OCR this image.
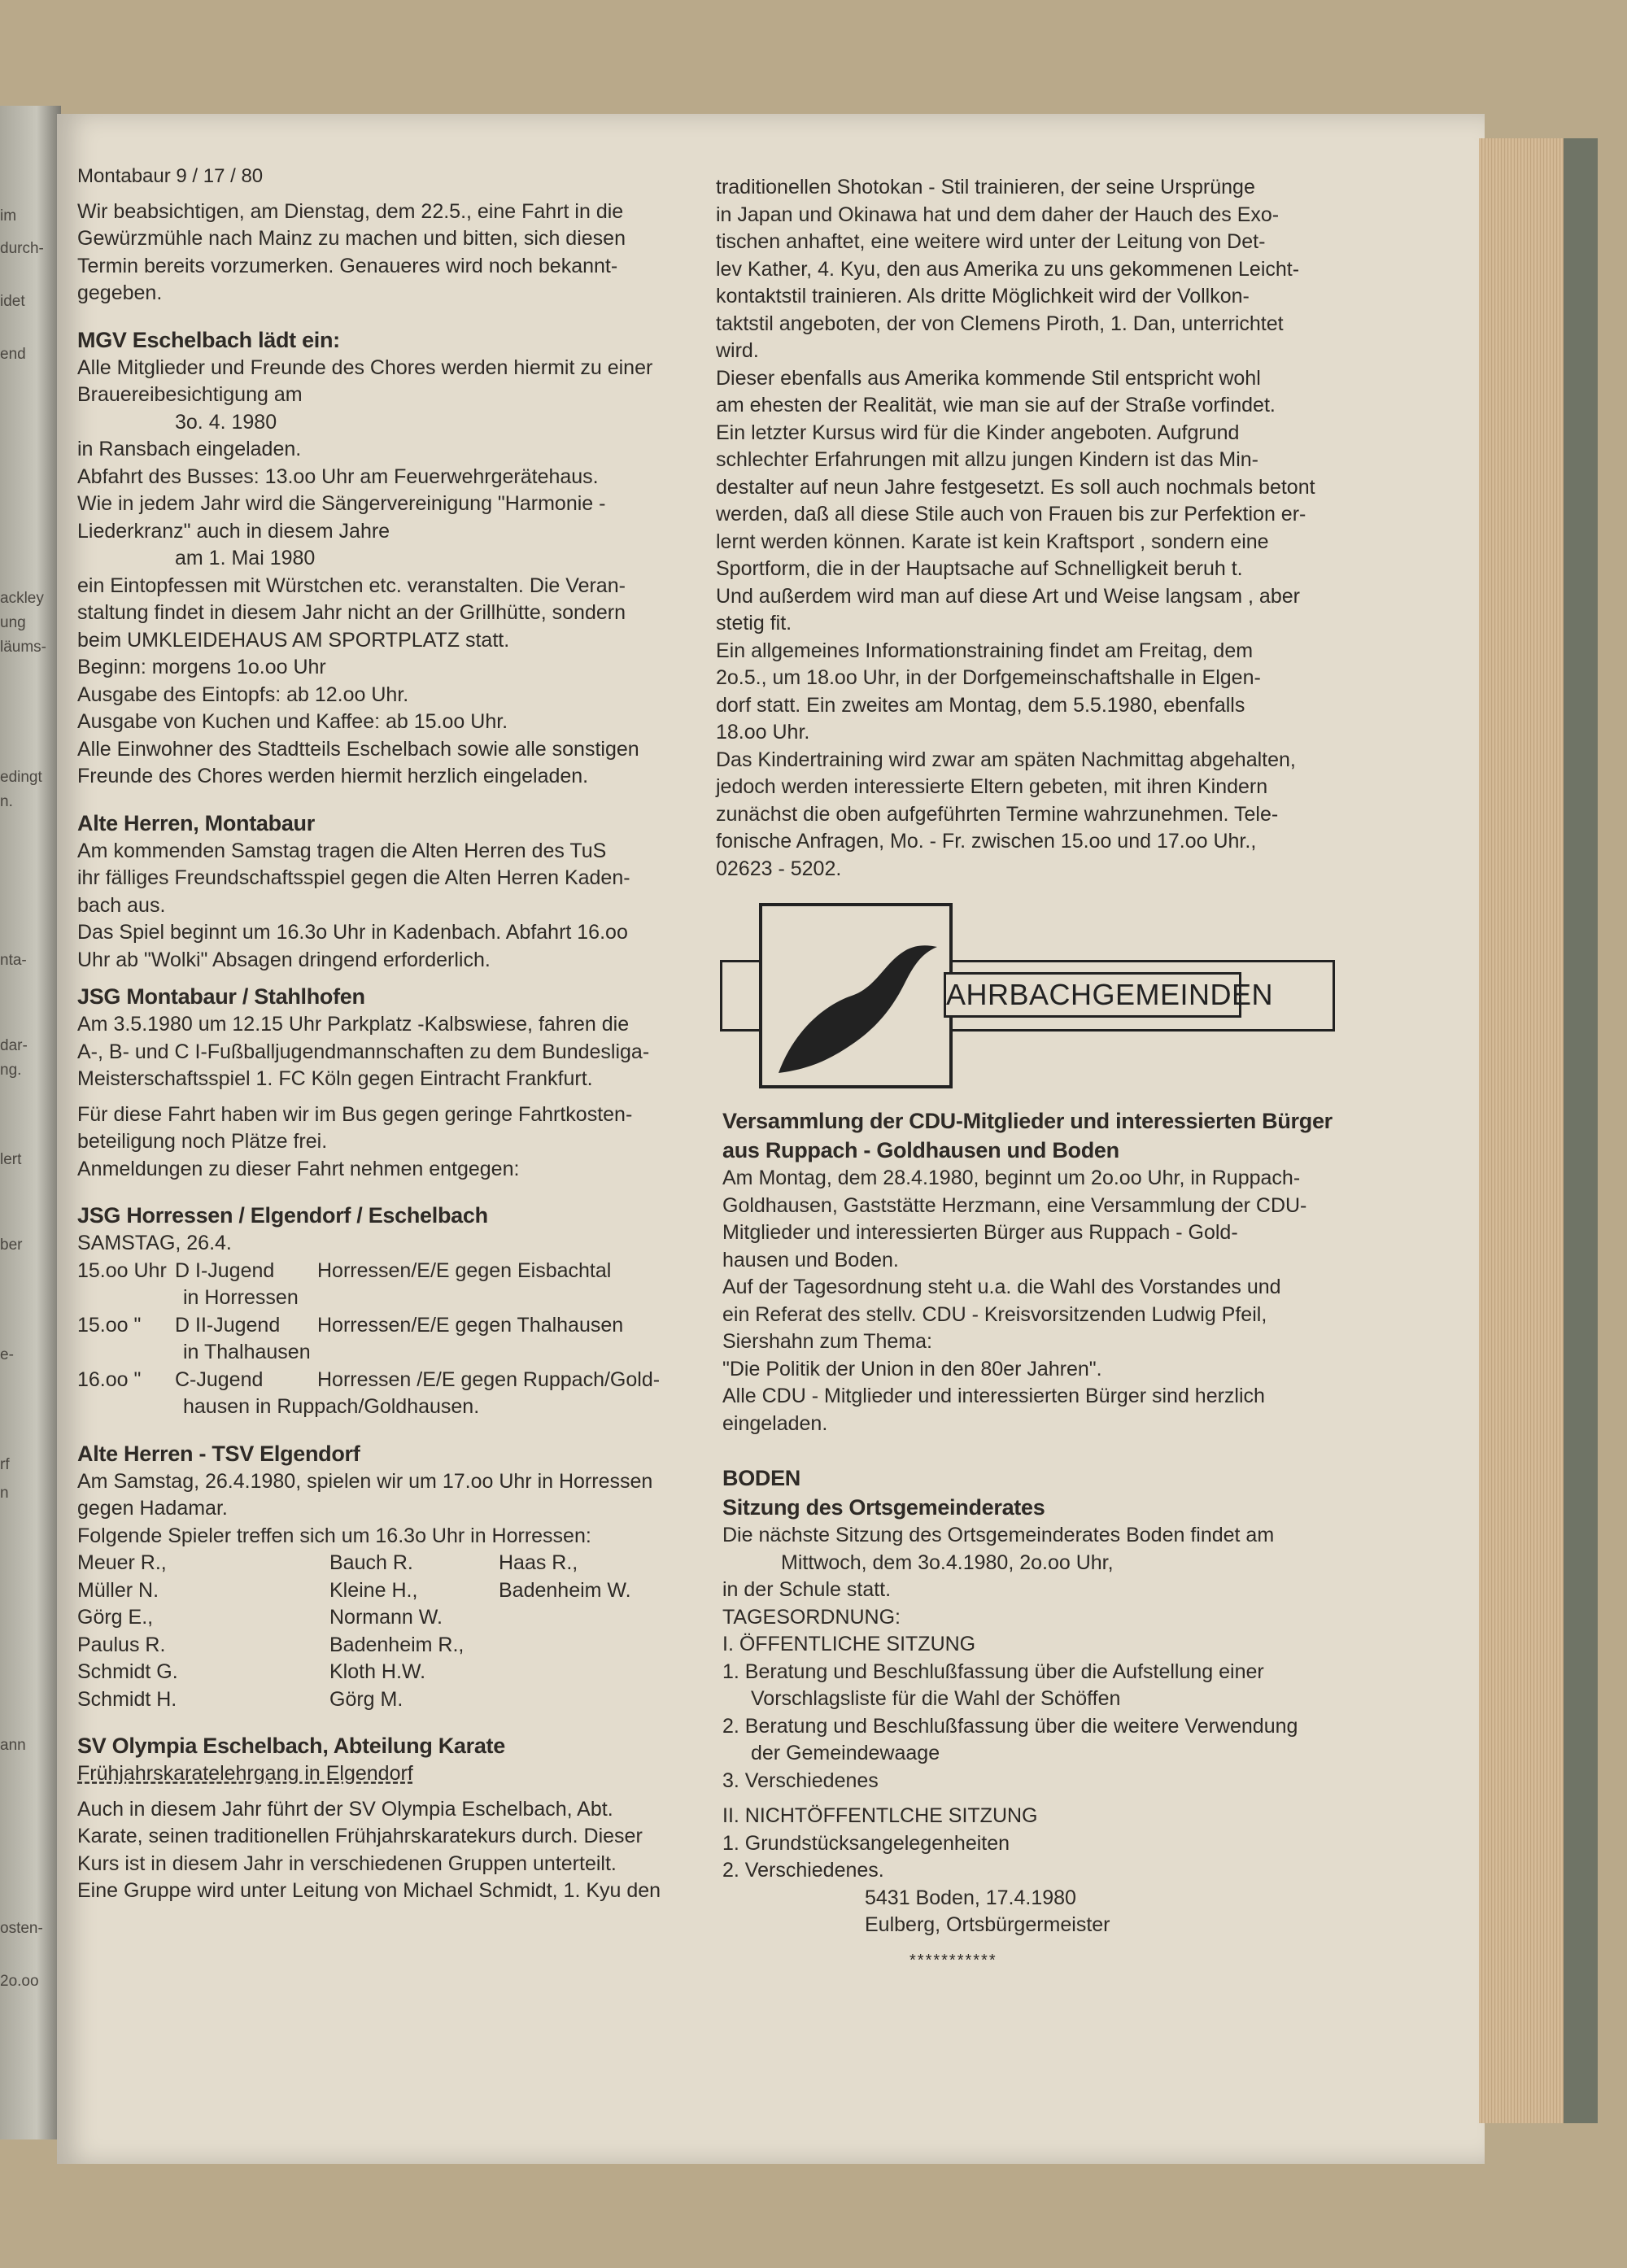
im
durch-
idet
end
ackley
ung
läums-
edingt
n.
nta-
dar-
ng.
lert
ber
e-
rf
n
ann
osten-
2o.oo
Montabaur 9 / 17 / 80
Wir beabsichtigen, am Dienstag, dem 22.5., eine Fahrt in die
Gewürzmühle nach Mainz zu machen und bitten, sich diesen
Termin bereits vorzumerken. Genaueres wird noch bekannt-
gegeben.
MGV Eschelbach lädt ein:
Alle Mitglieder und Freunde des Chores werden hiermit zu einer
Brauereibesichtigung am
3o. 4. 1980
in Ransbach eingeladen.
Abfahrt des Busses: 13.oo Uhr am Feuerwehrgerätehaus.
Wie in jedem Jahr wird die Sängervereinigung "Harmonie -
Liederkranz" auch in diesem Jahre
am 1. Mai 1980
ein Eintopfessen mit Würstchen etc. veranstalten. Die Veran-
staltung findet in diesem Jahr nicht an der Grillhütte, sondern
beim UMKLEIDEHAUS AM SPORTPLATZ statt.
Beginn: morgens 1o.oo Uhr
Ausgabe des Eintopfs: ab 12.oo Uhr.
Ausgabe von Kuchen und Kaffee: ab 15.oo Uhr.
Alle Einwohner des Stadtteils Eschelbach sowie alle sonstigen
Freunde des Chores werden hiermit herzlich eingeladen.
Alte Herren, Montabaur
Am kommenden Samstag tragen die Alten Herren des TuS
ihr fälliges Freundschaftsspiel gegen die Alten Herren Kaden-
bach aus.
Das Spiel beginnt um 16.3o Uhr in Kadenbach. Abfahrt 16.oo
Uhr ab "Wolki" Absagen dringend erforderlich.
JSG Montabaur / Stahlhofen
Am 3.5.1980 um 12.15 Uhr Parkplatz -Kalbswiese, fahren die
A-, B- und C I-Fußballjugendmannschaften zu dem Bundesliga-
Meisterschaftsspiel 1. FC Köln gegen Eintracht Frankfurt.
Für diese Fahrt haben wir im Bus gegen geringe Fahrtkosten-
beteiligung noch Plätze frei.
Anmeldungen zu dieser Fahrt nehmen entgegen:
JSG Horressen / Elgendorf / Eschelbach
SAMSTAG, 26.4.
15.oo Uhr D I-Jugend	Horressen/E/E gegen Eisbachtal
in Horressen
15.oo "	D II-Jugend	Horressen/E/E gegen Thalhausen
in Thalhausen
16.oo "	C-Jugend	Horressen /E/E gegen Ruppach/Gold-
hausen in Ruppach/Goldhausen.
Alte Herren - TSV Elgendorf
Am Samstag, 26.4.1980, spielen wir um 17.oo Uhr in Horressen
gegen Hadamar.
Folgende Spieler treffen sich um 16.3o Uhr in Horressen:
Meuer R.,	Bauch R.	Haas R.,
Müller N.	Kleine H.,	Badenheim W.
Görg E.,	Normann W.
Paulus R.	Badenheim R.,
Schmidt G.	Kloth H.W.
Schmidt H.	Görg M.
SV Olympia Eschelbach, Abteilung Karate
Frühjahrskaratelehrgang in Elgendorf
Auch in diesem Jahr führt der SV Olympia Eschelbach, Abt.
Karate, seinen traditionellen Frühjahrskaratekurs durch. Dieser
Kurs ist in diesem Jahr in verschiedenen Gruppen unterteilt.
Eine Gruppe wird unter Leitung von Michael Schmidt, 1. Kyu den
traditionellen Shotokan - Stil trainieren, der seine Ursprünge
in Japan und Okinawa hat und dem daher der Hauch des Exo-
tischen anhaftet, eine weitere wird unter der Leitung von Det-
lev Kather, 4. Kyu, den aus Amerika zu uns gekommenen Leicht-
kontaktstil trainieren. Als dritte Möglichkeit wird der Vollkon-
taktstil angeboten, der von Clemens Piroth, 1. Dan, unterrichtet
wird.
Dieser ebenfalls aus Amerika kommende Stil entspricht wohl
am ehesten der Realität, wie man sie auf der Straße vorfindet.
Ein letzter Kursus wird für die Kinder angeboten. Aufgrund
schlechter Erfahrungen mit allzu jungen Kindern ist das Min-
destalter auf neun Jahre festgesetzt. Es soll auch nochmals betont
werden, daß all diese Stile auch von Frauen bis zur Perfektion er-
lernt werden können. Karate ist kein Kraftsport , sondern eine
Sportform, die in der Hauptsache auf Schnelligkeit beruh t.
Und außerdem wird man auf diese Art und Weise langsam , aber
stetig fit.
Ein allgemeines Informationstraining findet am Freitag, dem
2o.5., um 18.oo Uhr, in der Dorfgemeinschaftshalle in Elgen-
dorf statt. Ein zweites am Montag, dem 5.5.1980, ebenfalls
18.oo Uhr.
Das Kindertraining wird zwar am späten Nachmittag abgehalten,
jedoch werden interessierte Eltern gebeten, mit ihren Kindern
zunächst die oben aufgeführten Termine wahrzunehmen. Tele-
fonische Anfragen, Mo. - Fr. zwischen 15.oo und 17.oo Uhr.,
02623 - 5202.
AHRBACHGEMEINDEN
Versammlung der CDU-Mitglieder und interessierten Bürger
aus Ruppach - Goldhausen und Boden
Am Montag, dem 28.4.1980, beginnt um 2o.oo Uhr, in Ruppach-
Goldhausen, Gaststätte Herzmann, eine Versammlung der CDU-
Mitglieder und interessierten Bürger aus Ruppach - Gold-
hausen und Boden.
Auf der Tagesordnung steht u.a. die Wahl des Vorstandes und
ein Referat des stellv. CDU - Kreisvorsitzenden Ludwig Pfeil,
Siershahn zum Thema:
"Die Politik der Union in den 80er Jahren".
Alle CDU - Mitglieder und interessierten Bürger sind herzlich
eingeladen.
BODEN
Sitzung des Ortsgemeinderates
Die nächste Sitzung des Ortsgemeinderates Boden findet am
Mittwoch, dem 3o.4.1980, 2o.oo Uhr,
in der Schule statt.
TAGESORDNUNG:
I. ÖFFENTLICHE SITZUNG
1. Beratung und Beschlußfassung über die Aufstellung einer
Vorschlagsliste für die Wahl der Schöffen
2. Beratung und Beschlußfassung über die weitere Verwendung
der Gemeindewaage
3. Verschiedenes
II. NICHTÖFFENTLCHE SITZUNG
1. Grundstücksangelegenheiten
2. Verschiedenes.
5431 Boden, 17.4.1980
Eulberg, Ortsbürgermeister
***********
